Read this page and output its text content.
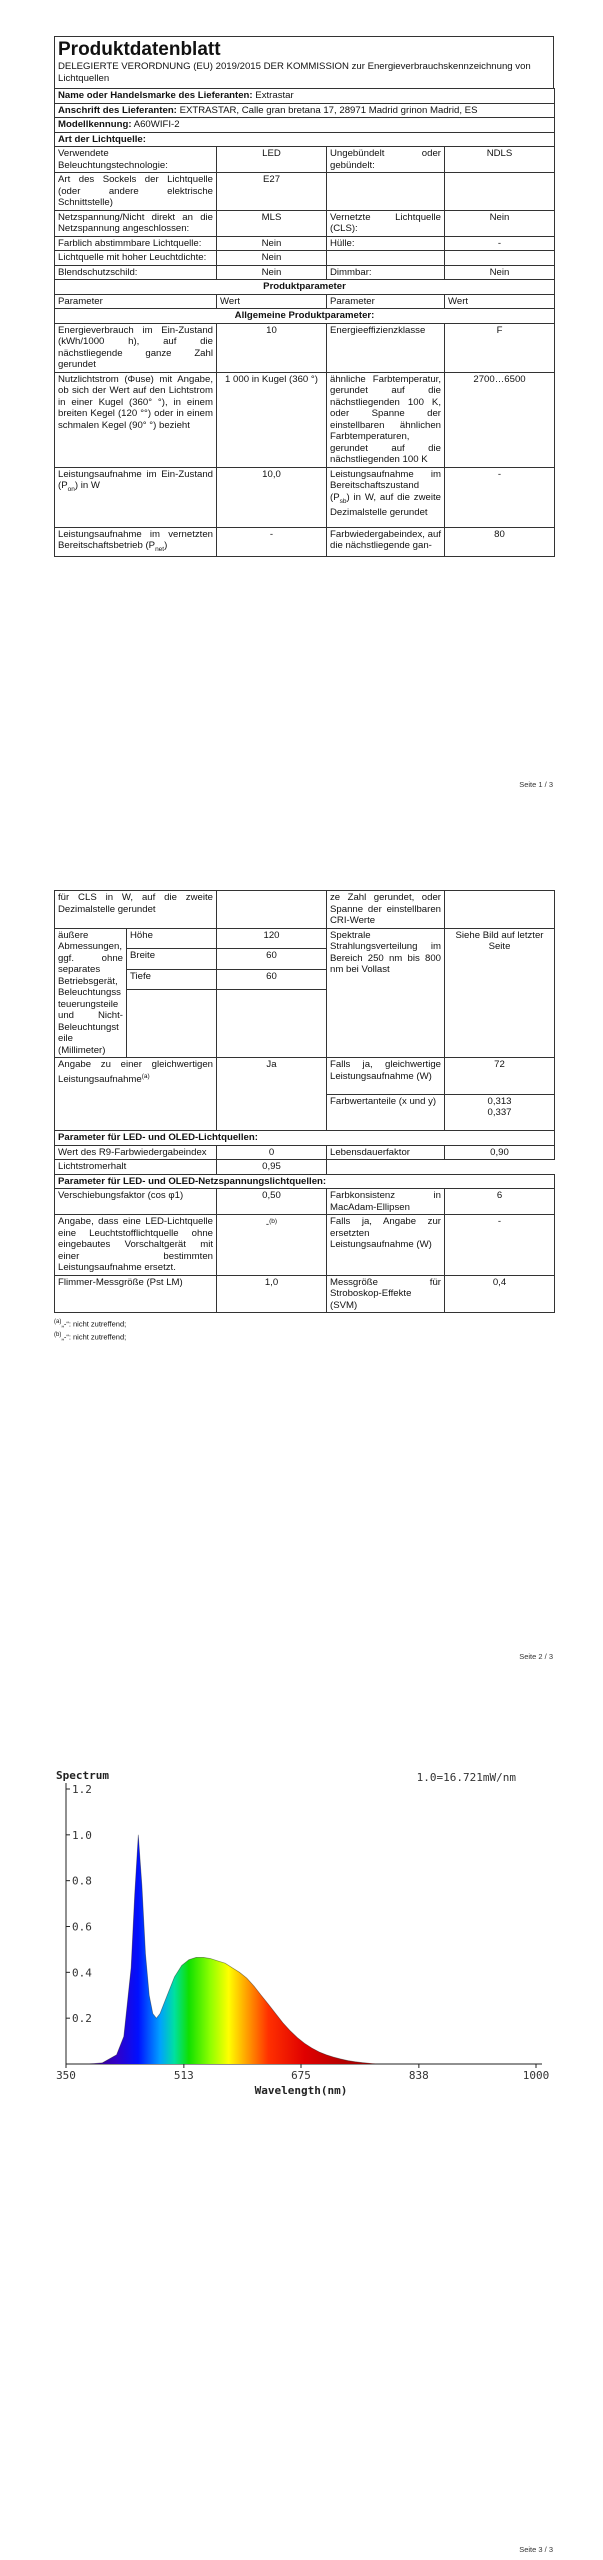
Produktdatenblatt
DELEGIERTE VERORDNUNG (EU) 2019/2015 DER KOMMISSION zur Energieverbrauchskennzeichnung von Lichtquellen
Name oder Handelsmarke des Lieferanten: Extrastar			
Anschrift des Lieferanten: EXTRASTAR, Calle gran bretana 17, 28971 Madrid grinon Madrid, ES			
Modellkennung: A60WIFI-2			
Art der Lichtquelle:			
Verwendete Beleuchtungstechnologie:	LED	Ungebündelt oder gebündelt:	NDLS
Art des Sockels der Lichtquelle (oder andere elektrische Schnittstelle)	E27		
Netzspannung/Nicht direkt an die Netzspannung angeschlossen:	MLS	Vernetzte Lichtquelle (CLS):	Nein
Farblich abstimmbare Lichtquelle:	Nein	Hülle:	-
Lichtquelle mit hoher Leuchtdichte:	Nein		
Blendschutzschild:	Nein	Dimmbar:	Nein
Produktparameter			
Parameter	Wert	Parameter	Wert
Allgemeine Produktparameter:			
Energieverbrauch im Ein-Zustand (kWh/1000 h), auf die nächstliegende ganze Zahl gerundet	10	Energieeffizienzklasse	F
Nutzlichtstrom (Φuse) mit Angabe, ob sich der Wert auf den Lichtstrom in einer Kugel (360° °), in einem breiten Kegel (120 °°) oder in einem schmalen Kegel (90° °) bezieht	1 000 in Kugel (360 °)	ähnliche Farbtemperatur, gerundet auf die nächstliegenden 100 K, oder Spanne der einstellbaren ähnlichen Farbtemperaturen, gerundet auf die nächstliegenden 100 K	2700…6500
Leistungsaufnahme im Ein-Zustand $(P_{on})$ in W	10,0	Leistungsaufnahme im Bereitschaftszustand $(P_{sb})$ in W, auf die zweite Dezimalstelle gerundet	-
Leistungsaufnahme im vernetzten Bereitschaftsbetrieb $(P_{net})$	-	Farbwiedergabeindex, auf die nächstliegende gan-	80
Seite 1 / 3
für CLS in W, auf die zweite Dezimalstelle gerundet			ze Zahl gerundet, oder Spanne der einstellbaren CRI-Werte	
äußere Abmessungen, ggf. ohne separates Betriebsgerät, Beleuchtungssteuerungsteile und Nicht-Beleuchtungsteile (Millimeter)	Höhe	120	Spektrale Strahlungsverteilung im Bereich 250 nm bis 800 nm bei Vollast	Siehe Bild auf letzter Seite
	Breite	60		
	Tiefe	60		

Angabe zu einer gleichwertigen Leistungsaufnahme$^{(a)}$		Ja	Falls ja, gleichwertige Leistungsaufnahme (W)	72
			Farbwertanteile (x und y)	0,313
0,337

Parameter für LED- und OLED-Lichtquellen:				
Wert des R9-Farbwiedergabeindex		0	Lebensdauerfaktor	0,90
Lichtstromerhalt		0,95		
Parameter für LED- und OLED-Netzspannungslichtquellen:				
Verschiebungsfaktor (cos φ1)		0,50	Farbkonsistenz in MacAdam-Ellipsen	6
Angabe, dass eine LED-Lichtquelle eine Leuchtstofflichtquelle ohne eingebautes Vorschaltgerät mit einer bestimmten Leistungsaufnahme ersetzt.		-$^{(b)}$	Falls ja, Angabe zur ersetzten Leistungsaufnahme (W)	-
Flimmer-Messgröße (Pst LM)		1,0	Messgröße für Stroboskop-Effekte (SVM)	0,4
$^{(a)}$„-“: nicht zutreffend;
$^{(b)}$„-“: nicht zutreffend;
Seite 2 / 3
0.2
0.4
0.6
0.8
1.0
1.2
350	513	675	838	1000
Spectrum	1.0=16.721mW/nm
Wavelength(nm)
Seite 3 / 3
